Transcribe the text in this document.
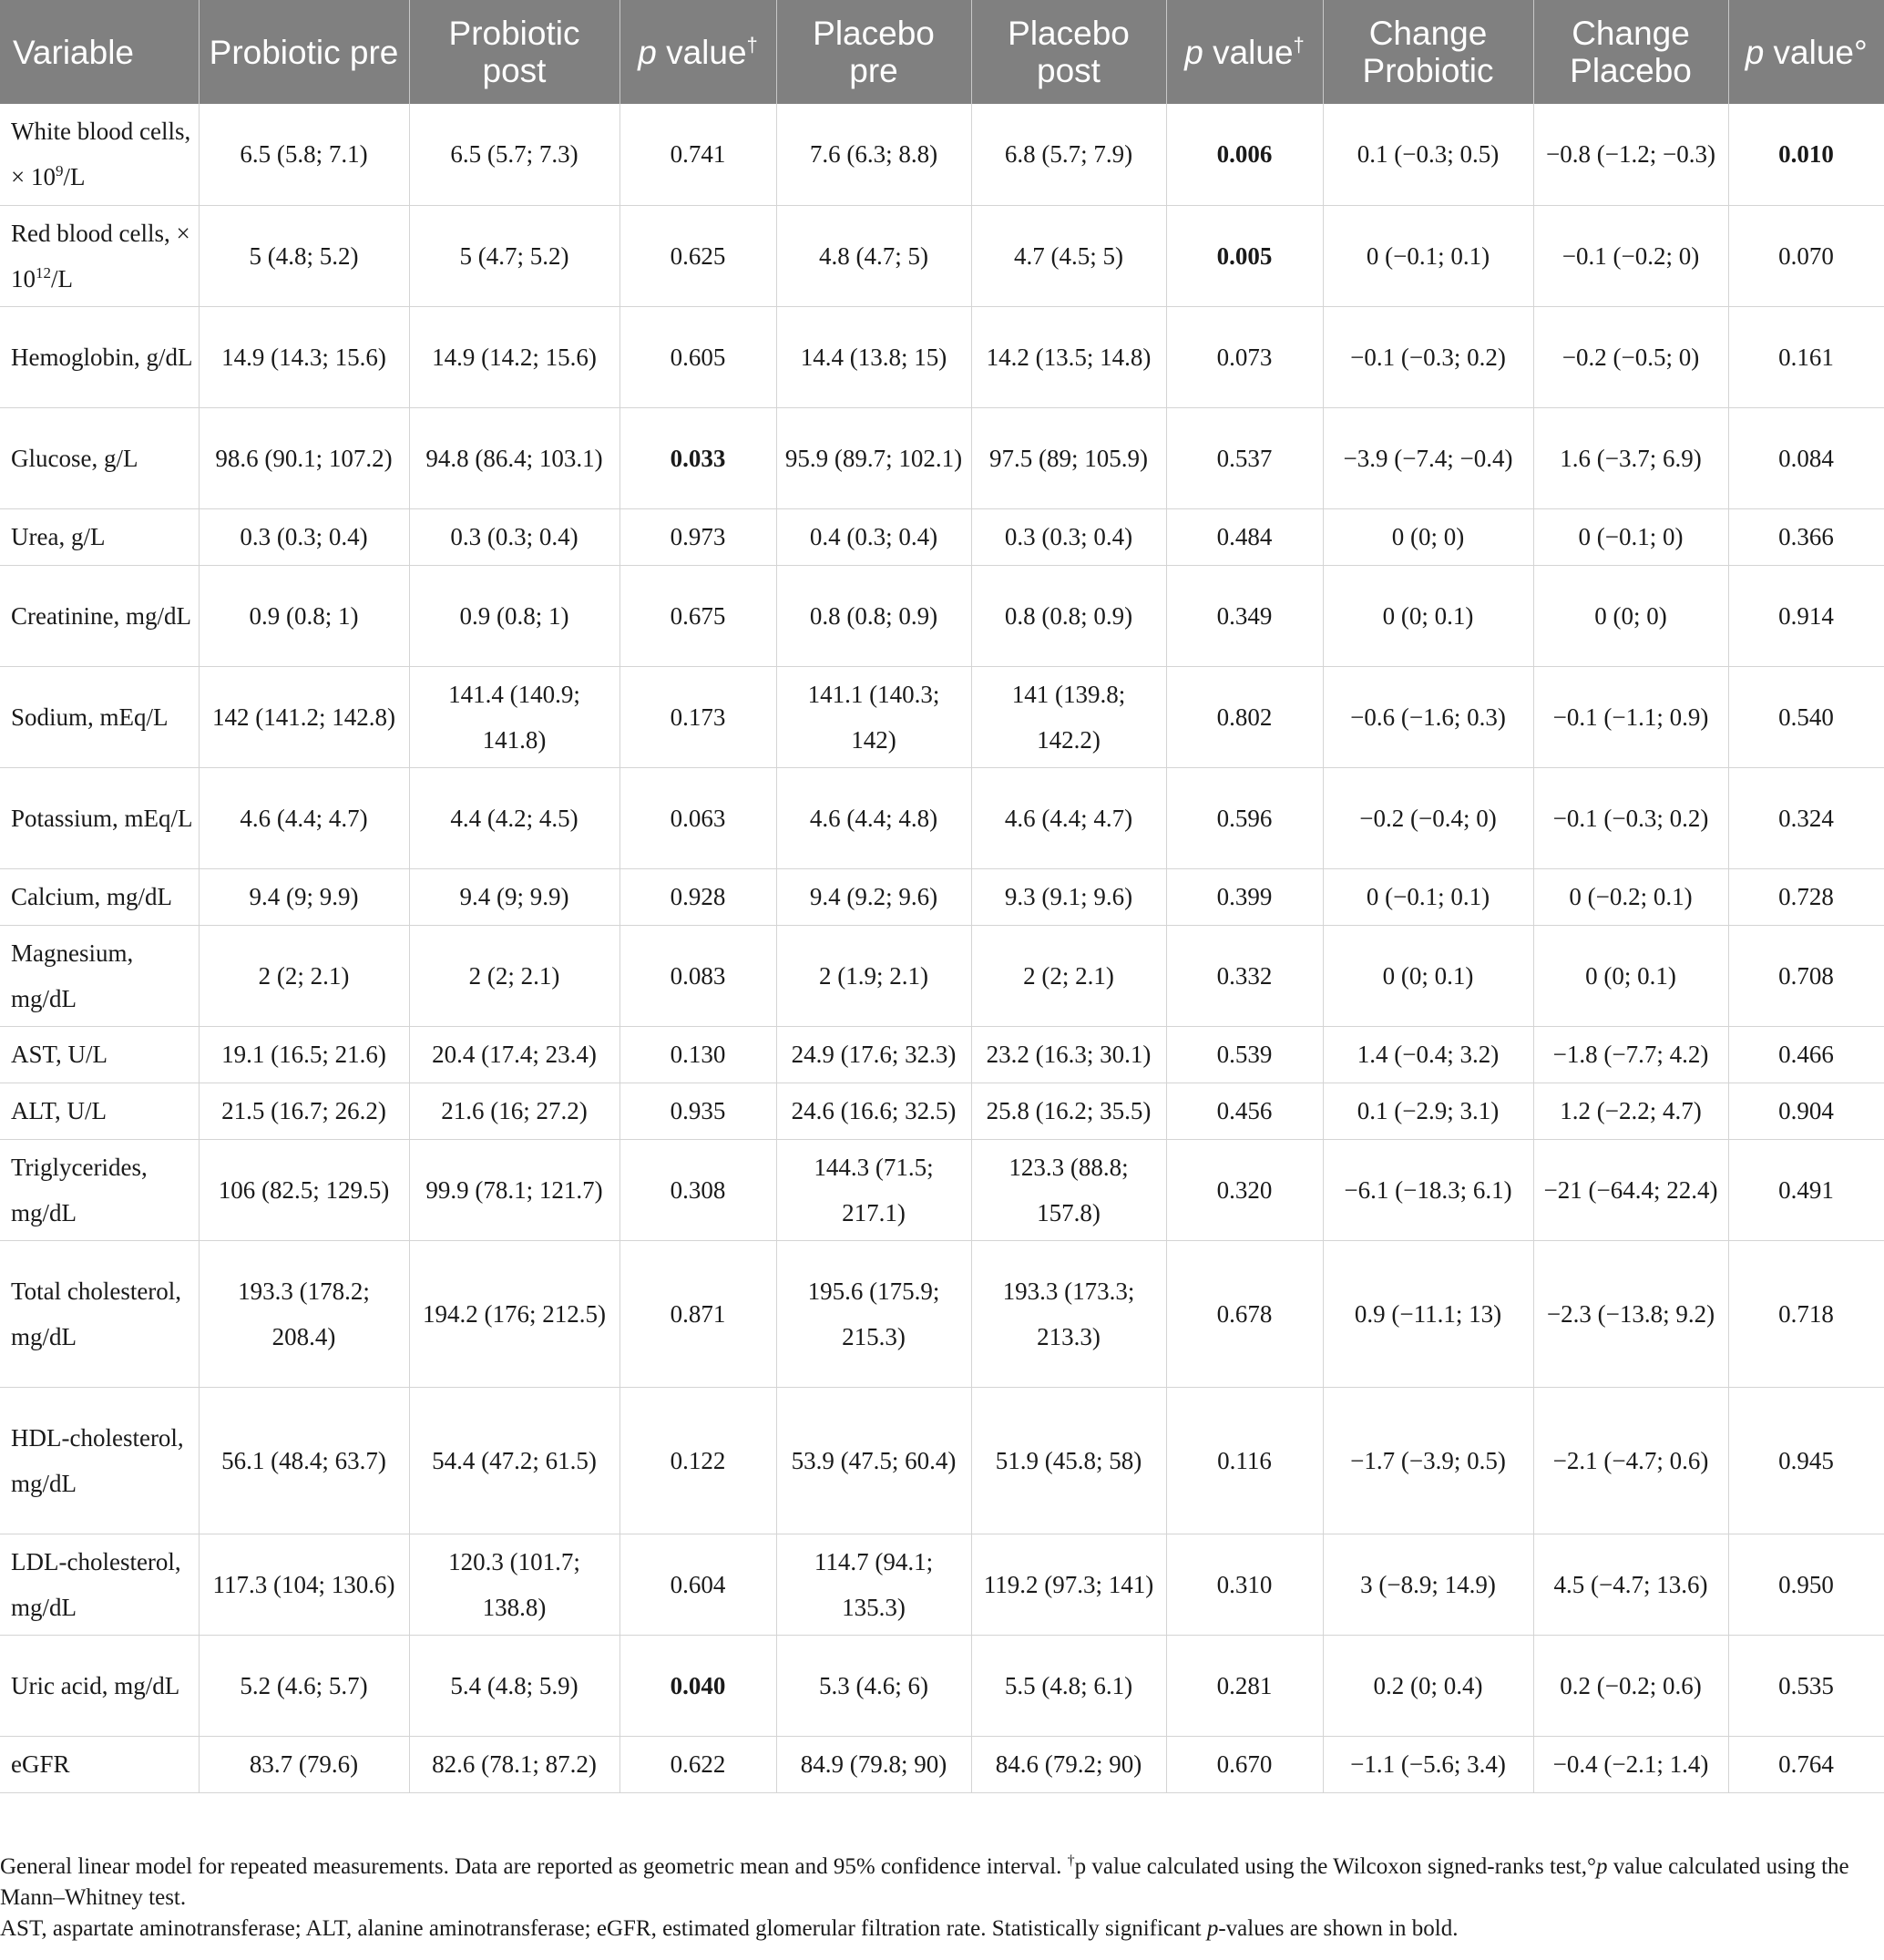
Variable	Probiotic pre	Probiotic post	p value†	Placebo pre	Placebo post	p value†	Change Probiotic	Change Placebo	p value°
White blood cells, × $10^9/L$	6.5 (5.8; 7.1)	6.5 (5.7; 7.3)	0.741	7.6 (6.3; 8.8)	6.8 (5.7; 7.9)	0.006	0.1 (−0.3; 0.5)	−0.8 (−1.2; −0.3)	0.010
Red blood cells, × $10^{12}/L$	5 (4.8; 5.2)	5 (4.7; 5.2)	0.625	4.8 (4.7; 5)	4.7 (4.5; 5)	0.005	0 (−0.1; 0.1)	−0.1 (−0.2; 0)	0.070
Hemoglobin, g/dL	14.9 (14.3; 15.6)	14.9 (14.2; 15.6)	0.605	14.4 (13.8; 15)	14.2 (13.5; 14.8)	0.073	−0.1 (−0.3; 0.2)	−0.2 (−0.5; 0)	0.161
Glucose, g/L	98.6 (90.1; 107.2)	94.8 (86.4; 103.1)	0.033	95.9 (89.7; 102.1)	97.5 (89; 105.9)	0.537	−3.9 (−7.4; −0.4)	1.6 (−3.7; 6.9)	0.084
Urea, g/L	0.3 (0.3; 0.4)	0.3 (0.3; 0.4)	0.973	0.4 (0.3; 0.4)	0.3 (0.3; 0.4)	0.484	0 (0; 0)	0 (−0.1; 0)	0.366
Creatinine, mg/dL	0.9 (0.8; 1)	0.9 (0.8; 1)	0.675	0.8 (0.8; 0.9)	0.8 (0.8; 0.9)	0.349	0 (0; 0.1)	0 (0; 0)	0.914
Sodium, mEq/L	142 (141.2; 142.8)	141.4 (140.9; 141.8)	0.173	141.1 (140.3; 142)	141 (139.8; 142.2)	0.802	−0.6 (−1.6; 0.3)	−0.1 (−1.1; 0.9)	0.540
Potassium, mEq/L	4.6 (4.4; 4.7)	4.4 (4.2; 4.5)	0.063	4.6 (4.4; 4.8)	4.6 (4.4; 4.7)	0.596	−0.2 (−0.4; 0)	−0.1 (−0.3; 0.2)	0.324
Calcium, mg/dL	9.4 (9; 9.9)	9.4 (9; 9.9)	0.928	9.4 (9.2; 9.6)	9.3 (9.1; 9.6)	0.399	0 (−0.1; 0.1)	0 (−0.2; 0.1)	0.728
Magnesium, mg/dL	2 (2; 2.1)	2 (2; 2.1)	0.083	2 (1.9; 2.1)	2 (2; 2.1)	0.332	0 (0; 0.1)	0 (0; 0.1)	0.708
AST, U/L	19.1 (16.5; 21.6)	20.4 (17.4; 23.4)	0.130	24.9 (17.6; 32.3)	23.2 (16.3; 30.1)	0.539	1.4 (−0.4; 3.2)	−1.8 (−7.7; 4.2)	0.466
ALT, U/L	21.5 (16.7; 26.2)	21.6 (16; 27.2)	0.935	24.6 (16.6; 32.5)	25.8 (16.2; 35.5)	0.456	0.1 (−2.9; 3.1)	1.2 (−2.2; 4.7)	0.904
Triglycerides, mg/dL	106 (82.5; 129.5)	99.9 (78.1; 121.7)	0.308	144.3 (71.5; 217.1)	123.3 (88.8; 157.8)	0.320	−6.1 (−18.3; 6.1)	−21 (−64.4; 22.4)	0.491
Total cholesterol, mg/dL	193.3 (178.2; 208.4)	194.2 (176; 212.5)	0.871	195.6 (175.9; 215.3)	193.3 (173.3; 213.3)	0.678	0.9 (−11.1; 13)	−2.3 (−13.8; 9.2)	0.718
HDL-cholesterol, mg/dL	56.1 (48.4; 63.7)	54.4 (47.2; 61.5)	0.122	53.9 (47.5; 60.4)	51.9 (45.8; 58)	0.116	−1.7 (−3.9; 0.5)	−2.1 (−4.7; 0.6)	0.945
LDL-cholesterol, mg/dL	117.3 (104; 130.6)	120.3 (101.7; 138.8)	0.604	114.7 (94.1; 135.3)	119.2 (97.3; 141)	0.310	3 (−8.9; 14.9)	4.5 (−4.7; 13.6)	0.950
Uric acid, mg/dL	5.2 (4.6; 5.7)	5.4 (4.8; 5.9)	0.040	5.3 (4.6; 6)	5.5 (4.8; 6.1)	0.281	0.2 (0; 0.4)	0.2 (−0.2; 0.6)	0.535
eGFR	83.7 (79.6)	82.6 (78.1; 87.2)	0.622	84.9 (79.8; 90)	84.6 (79.2; 90)	0.670	−1.1 (−5.6; 3.4)	−0.4 (−2.1; 1.4)	0.764

General linear model for repeated measurements. Data are reported as geometric mean and 95% confidence interval. †p value calculated using the Wilcoxon signed-ranks test,°p value calculated using the Mann–Whitney test.

AST, aspartate aminotransferase; ALT, alanine aminotransferase; eGFR, estimated glomerular filtration rate. Statistically significant p-values are shown in bold.
